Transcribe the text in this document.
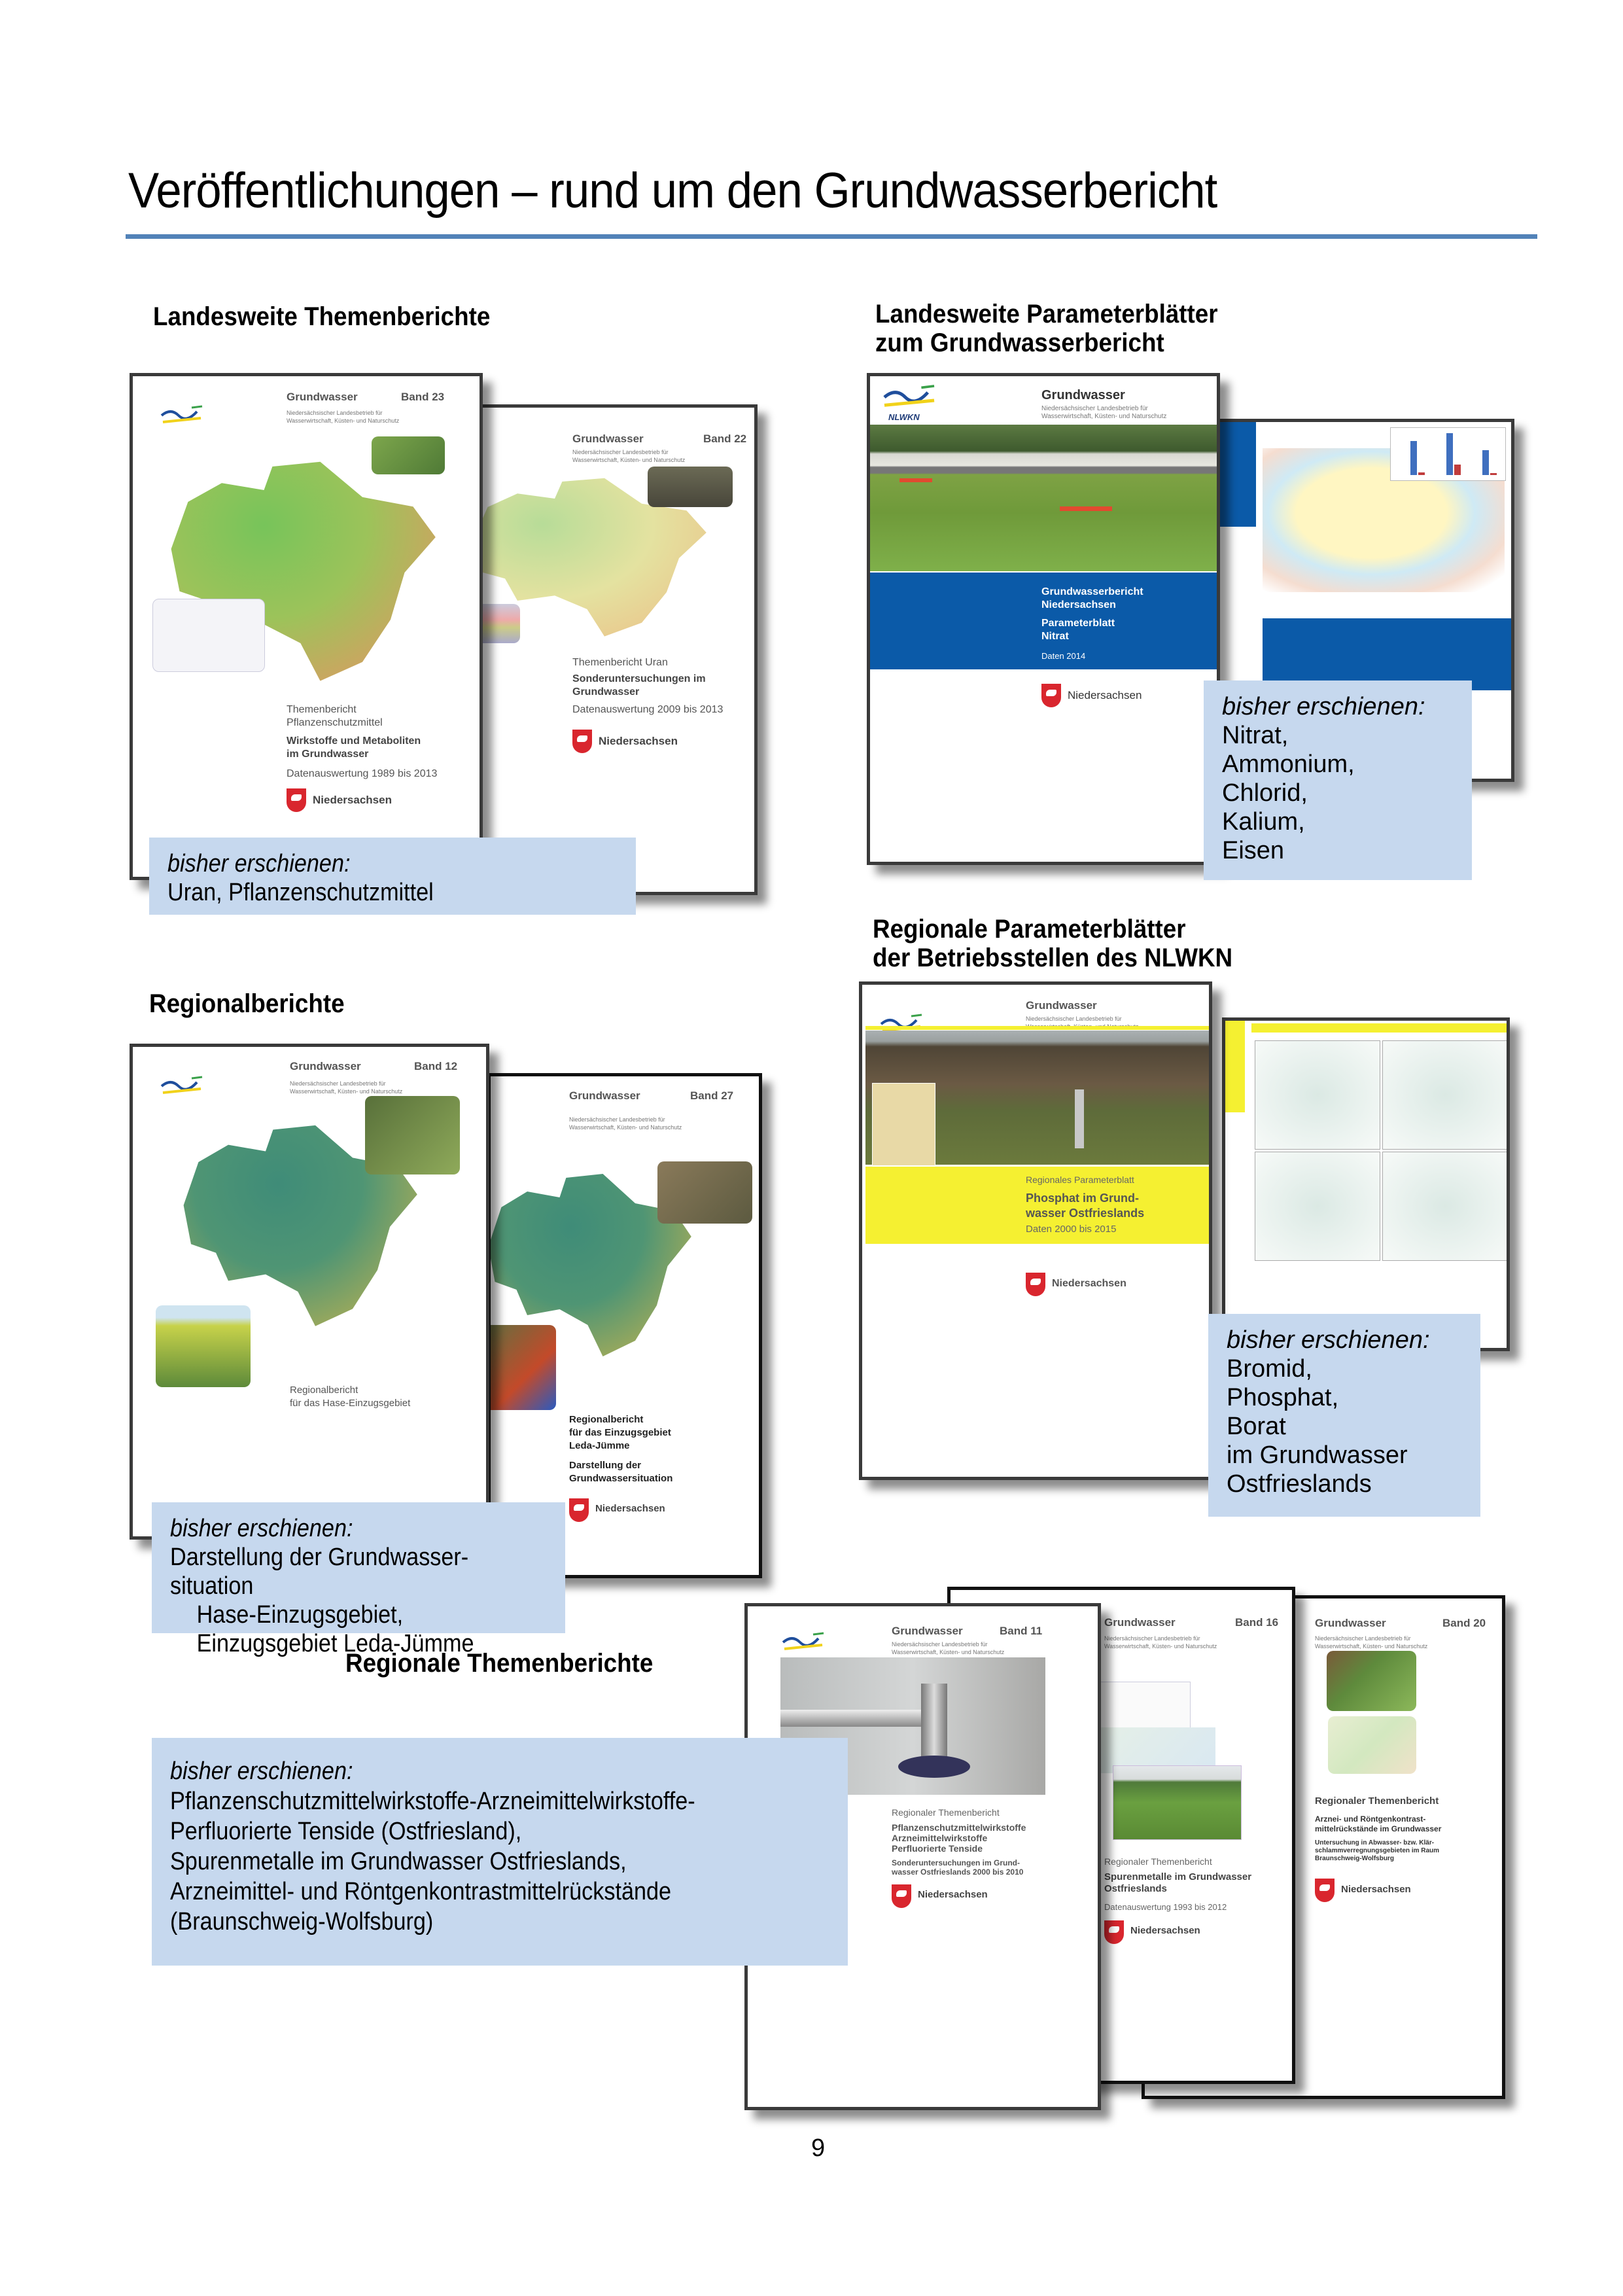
Veröffentlichungen – rund um den Grundwasserbericht
Landesweite Themenberichte
Grundwasser	Band 22
Niedersächsischer Landesbetrieb für
Wasserwirtschaft, Küsten- und Naturschutz
Themenbericht Uran
Sonderuntersuchungen im
Grundwasser
Datenauswertung 2009 bis 2013
Niedersachsen
Grundwasser	Band 23
Niedersächsischer Landesbetrieb für
Wasserwirtschaft, Küsten- und Naturschutz
Themenbericht
Pflanzenschutzmittel
Wirkstoffe und Metaboliten
im Grundwasser
Datenauswertung 1989 bis 2013
Niedersachsen
bisher erschienen:
Uran, Pflanzenschutzmittel
Landesweite Parameterblätter
zum Grundwasserbericht
NLWKN
Grundwasser
Niedersächsischer Landesbetrieb für
Wasserwirtschaft, Küsten- und Naturschutz
Grundwasserbericht
Niedersachsen
Parameterblatt
Nitrat
Daten 2014
Niedersachsen	bisher erschienen:
Nitrat,
Ammonium,
Chlorid,
Kalium,
Eisen
Regionalberichte
Grundwasser	Band 27
Niedersächsischer Landesbetrieb für
Wasserwirtschaft, Küsten- und Naturschutz
Regionalbericht
für das Einzugsgebiet
Leda-Jümme
Darstellung der
Grundwassersituation
Niedersachsen
Grundwasser	Band 12
Niedersächsischer Landesbetrieb für
Wasserwirtschaft, Küsten- und Naturschutz
Regionalbericht
für das Hase-Einzugsgebiet
bisher erschienen:
Darstellung der Grundwasser-
situation
Hase-Einzugsgebiet,
Einzugsgebiet Leda-Jümme
Regionale Parameterblätter
der Betriebsstellen des NLWKN
Grundwasser
Niedersächsischer Landesbetrieb für
Regionales Parameterblatt
Phosphat im Grund-
wasser Ostfrieslands
Daten 2000 bis 2015
Niedersachsen
bisher erschienen:
Bromid,
Phosphat,
Borat
im Grundwasser
Ostfrieslands
Regionale Themenberichte
Grundwasser	Band 20
Niedersächsischer Landesbetrieb für
Wasserwirtschaft, Küsten- und Naturschutz
Regionaler Themenbericht
Arznei- und Röntgenkontrast-
mittelrückstände im Grundwasser
Untersuchung in Abwasser- bzw. Klär-
schlammverregnungsgebieten im Raum
Braunschweig-Wolfsburg
Niedersachsen
Grundwasser	Band 16
Niedersächsischer Landesbetrieb für
Wasserwirtschaft, Küsten- und Naturschutz
Regionaler Themenbericht
Spurenmetalle im Grundwasser
Ostfrieslands
Datenauswertung 1993 bis 2012
Niedersachsen
Grundwasser	Band 11
Niedersächsischer Landesbetrieb für
Wasserwirtschaft, Küsten- und Naturschutz
Regionaler Themenbericht
Pflanzenschutzmittelwirkstoffe
Arzneimittelwirkstoffe
Perfluorierte Tenside
Sonderuntersuchungen im Grund-
wasser Ostfrieslands 2000 bis 2010
Niedersachsen
bisher erschienen:
Pflanzenschutzmittelwirkstoffe-Arzneimittelwirkstoffe-
Perfluorierte Tenside (Ostfriesland),
Spurenmetalle im Grundwasser Ostfrieslands,
Arzneimittel- und Röntgenkontrastmittelrückstände
(Braunschweig-Wolfsburg)
9
